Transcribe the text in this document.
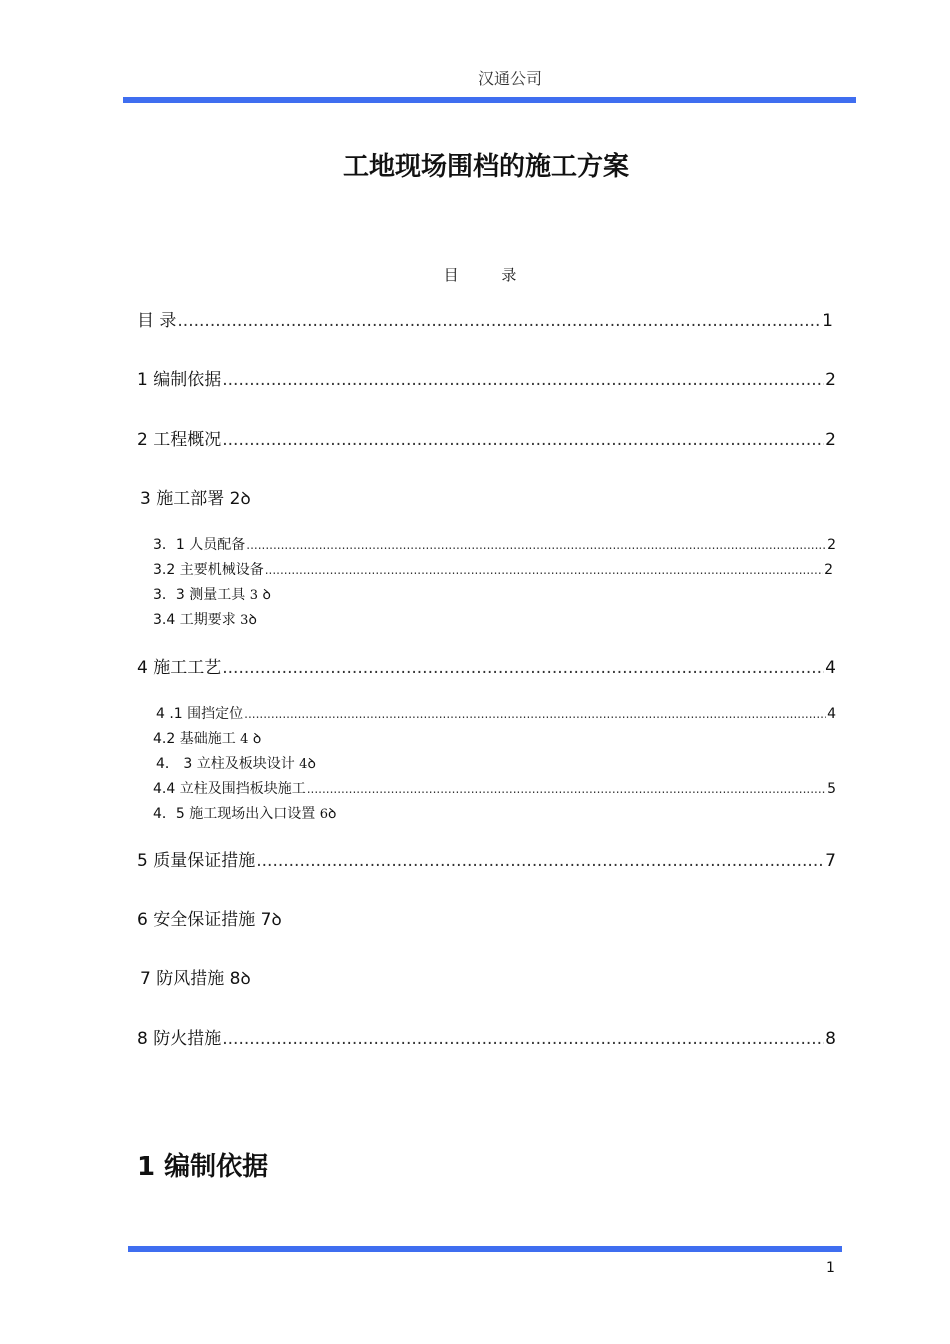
汉通公司
工地现场围档的施工方案
目 录
目 录 .....	1
1 编制依据 .....	2
2 工程概况 .....	2
3 施工部署 2ꝺ
3．1 人员配备 .....	2
3.2 主要机械设备 .....	2
3．3 测量工具 3 ꝺ
3.4 工期要求 3ꝺ
4 施工工艺 .....	4
4 .1 围挡定位 .....	4
4.2 基础施工 4 ꝺ
4． 3 立柱及板块设计 4ꝺ
4.4 立柱及围挡板块施工 .....	5
4．5 施工现场出入口设置 6ꝺ
5 质量保证措施 .....	7
6 安全保证措施 7ꝺ
7 防风措施 8ꝺ
8 防火措施 .....	8
1 编制依据
1
